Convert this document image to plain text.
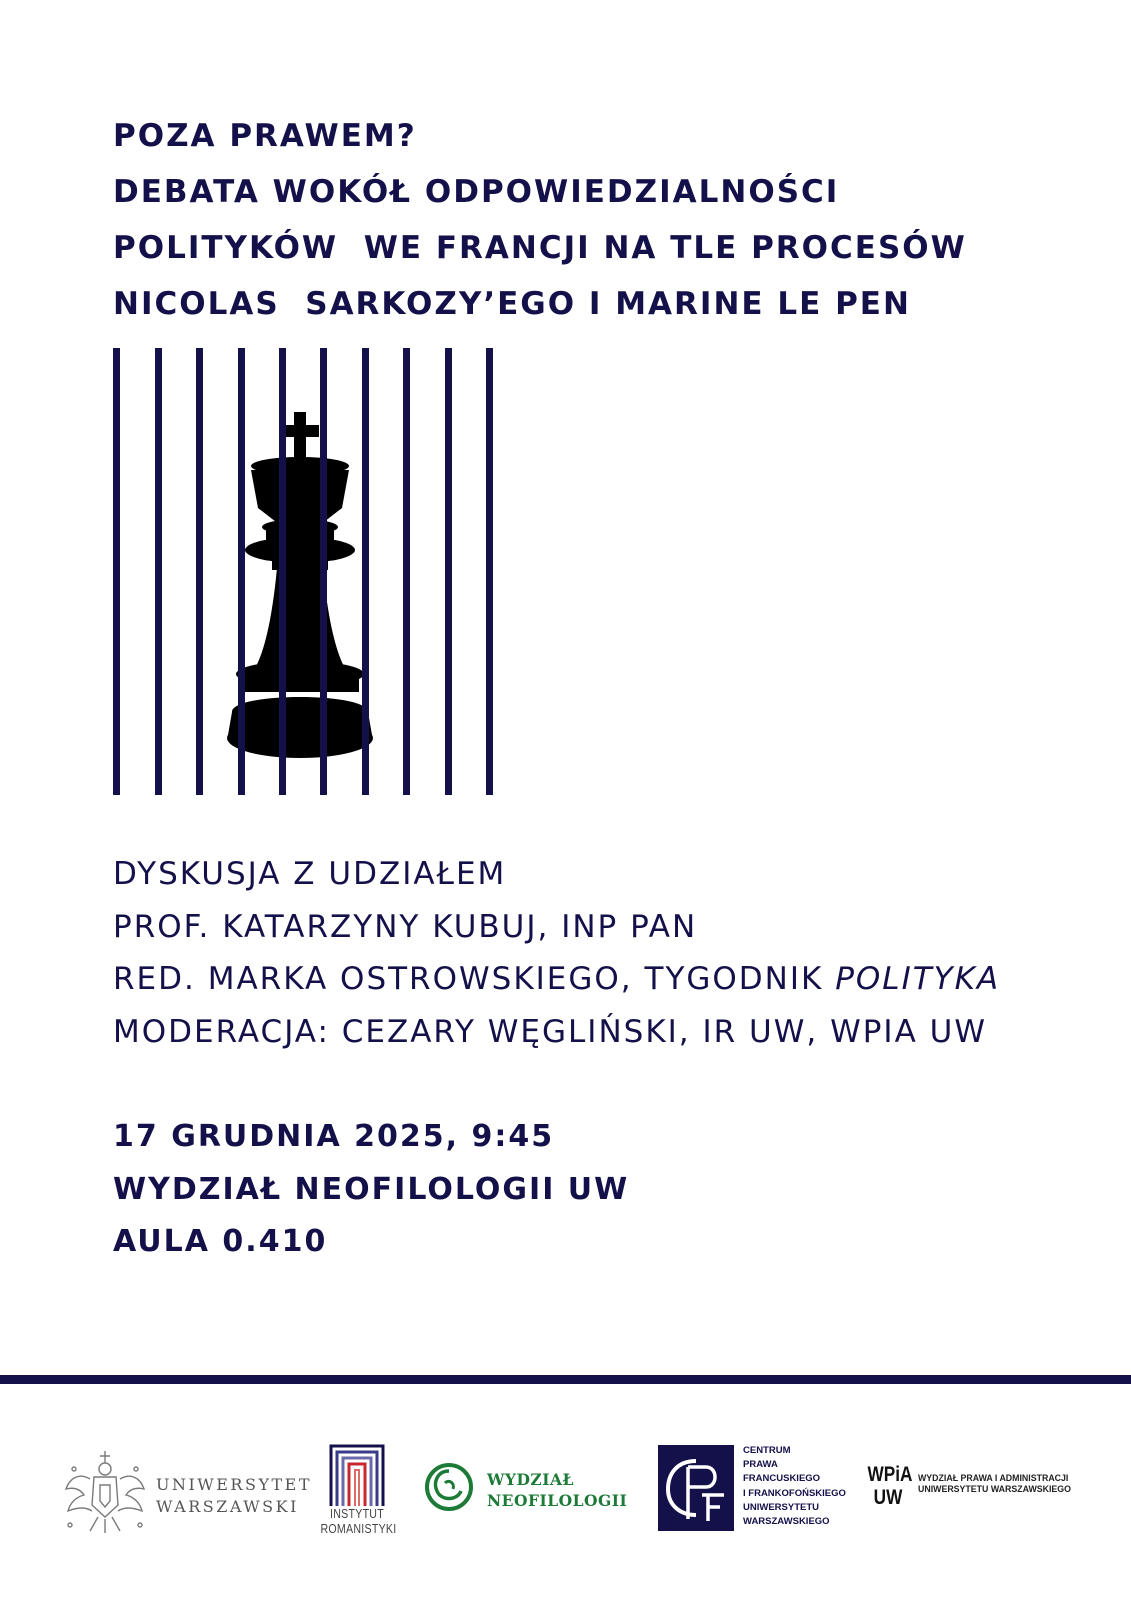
POZA PRAWEM?
DEBATA WOKÓŁ ODPOWIEDZIALNOŚCI
POLITYKÓW  WE FRANCJI NA TLE PROCESÓW
NICOLAS  SARKOZY’EGO I MARINE LE PEN
DYSKUSJA Z UDZIAŁEM
PROF. KATARZYNY KUBUJ, INP PAN
RED. MARKA OSTROWSKIEGO, TYGODNIK POLITYKA
MODERACJA: CEZARY WĘGLIŃSKI, IR UW, WPIA UW
17 GRUDNIA 2025, 9:45
WYDZIAŁ NEOFILOLOGII UW
AULA 0.410
UNIWERSYTET
WARSZAWSKI	INSTYTUT
ROMANISTYKI
WYDZIAŁ
NEOFILOLOGII
CENTRUM
PRAWA
FRANCUSKIEGO
I FRANKOFOŃSKIEGO
UNIWERSYTETU
WARSZAWSKIEGO
WPiA
UW
WYDZIAŁ PRAWA I ADMINISTRACJI
UNIWERSYTETU WARSZAWSKIEGO
